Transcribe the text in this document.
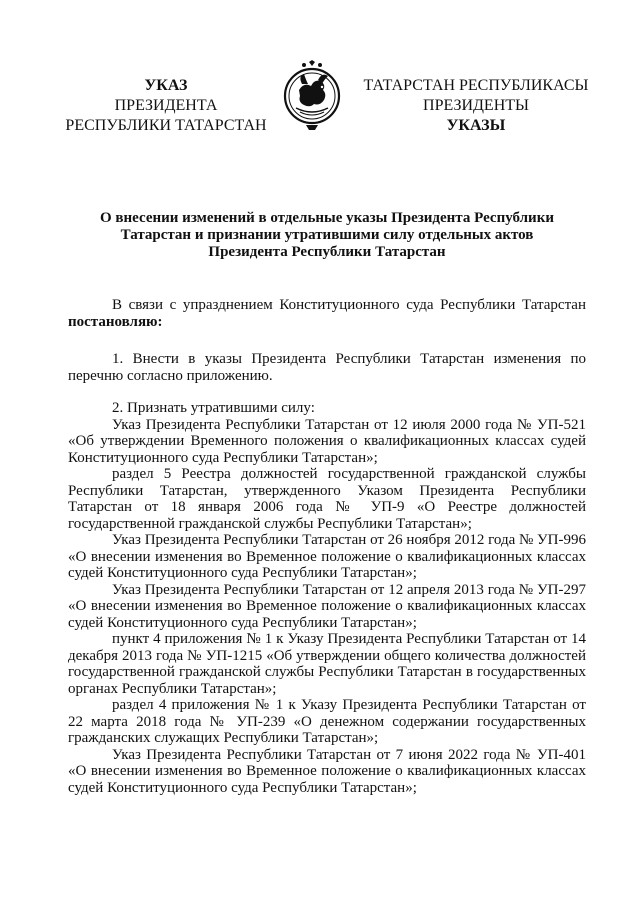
УКАЗ
ПРЕЗИДЕНТА
РЕСПУБЛИКИ ТАТАРСТАН
ТАТАРСТАН РЕСПУБЛИКАСЫ
ПРЕЗИДЕНТЫ
УКАЗЫ
О внесении изменений в отдельные указы Президента Республики
Татарстан и признании утратившими силу отдельных актов
Президента Республики Татарстан

В связи с упразднением Конституционного суда Республики Татарстан постановляю:

1. Внести в указы Президента Республики Татарстан изменения по перечню согласно приложению.

2. Признать утратившими силу:

Указ Президента Республики Татарстан от 12 июля 2000 года № УП-521 «Об утверждении Временного положения о квалификационных классах судей Конституционного суда Республики Татарстан»;

раздел 5 Реестра должностей государственной гражданской службы Республики Татарстан, утвержденного Указом Президента Республики Татарстан от 18 января 2006 года № УП-9 «О Реестре должностей государственной гражданской службы Республики Татарстан»;

Указ Президента Республики Татарстан от 26 ноября 2012 года № УП-996 «О внесении изменения во Временное положение о квалификационных классах судей Конституционного суда Республики Татарстан»;

Указ Президента Республики Татарстан от 12 апреля 2013 года № УП-297 «О внесении изменения во Временное положение о квалификационных классах судей Конституционного суда Республики Татарстан»;

пункт 4 приложения № 1 к Указу Президента Республики Татарстан от 14 декабря 2013 года № УП-1215 «Об утверждении общего количества должностей государственной гражданской службы Республики Татарстан в государственных органах Республики Татарстан»;

раздел 4 приложения № 1 к Указу Президента Республики Татарстан от 22 марта 2018 года № УП-239 «О денежном содержании государственных гражданских служащих Республики Татарстан»;

Указ Президента Республики Татарстан от 7 июня 2022 года № УП-401 «О внесении изменения во Временное положение о квалификационных классах судей Конституционного суда Республики Татарстан»;
